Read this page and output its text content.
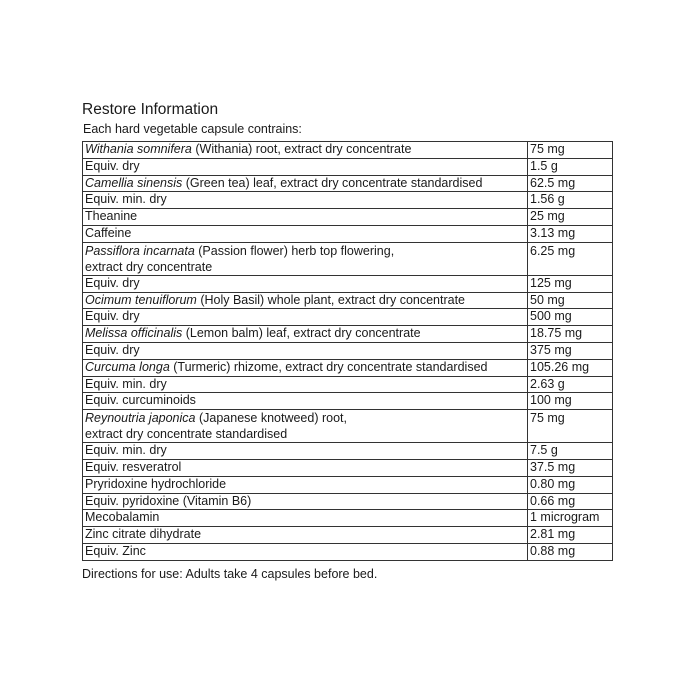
Restore Information
Each hard vegetable capsule contrains:
Withania somnifera (Withania) root, extract dry concentrate	75 mg
Equiv. dry	1.5 g
Camellia sinensis (Green tea) leaf, extract dry concentrate standardised	62.5 mg
Equiv. min. dry	1.56 g
Theanine	25 mg
Caffeine	3.13 mg
Passiflora incarnata (Passion flower) herb top flowering,
extract dry concentrate	6.25 mg
Equiv. dry	125 mg
Ocimum tenuiflorum (Holy Basil) whole plant, extract dry concentrate	50 mg
Equiv. dry	500 mg
Melissa officinalis (Lemon balm) leaf, extract dry concentrate	18.75 mg
Equiv. dry	375 mg
Curcuma longa (Turmeric) rhizome, extract dry concentrate standardised	105.26 mg
Equiv. min. dry	2.63 g
Equiv. curcuminoids	100 mg
Reynoutria japonica (Japanese knotweed) root,
extract dry concentrate standardised	75 mg
Equiv. min. dry	7.5 g
Equiv. resveratrol	37.5 mg
Pryridoxine hydrochloride	0.80 mg
Equiv. pyridoxine (Vitamin B6)	0.66 mg
Mecobalamin	1 microgram
Zinc citrate dihydrate	2.81 mg
Equiv. Zinc	0.88 mg
Directions for use: Adults take 4 capsules before bed.
